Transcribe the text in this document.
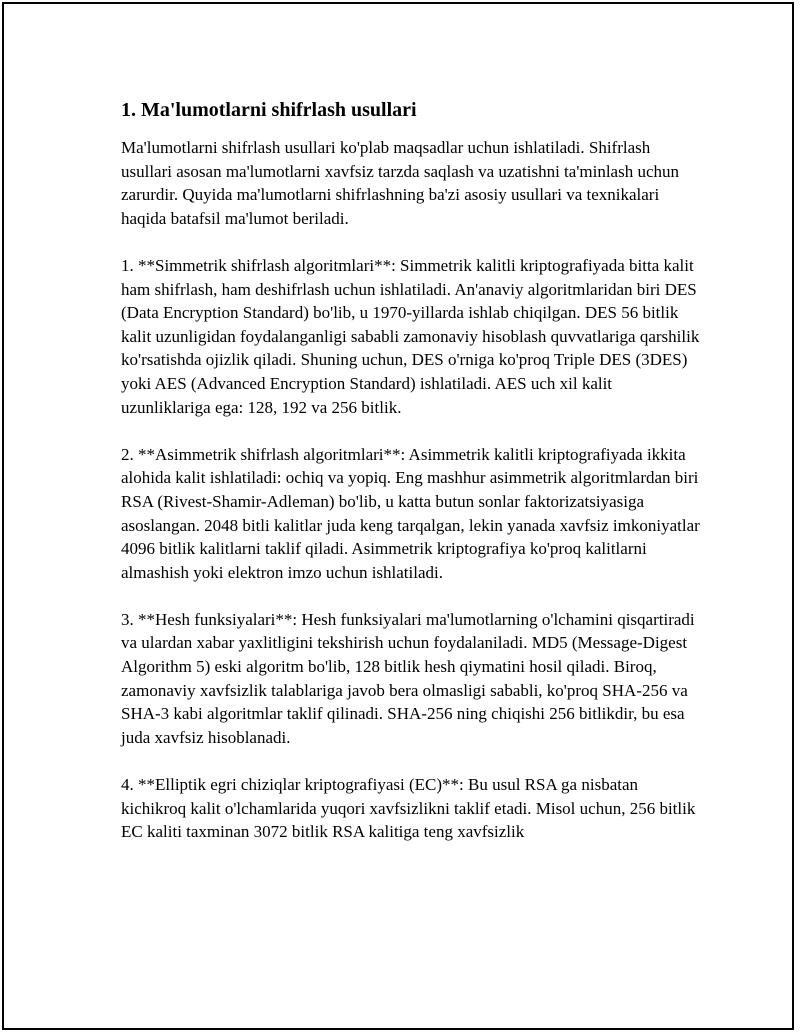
1. Ma'lumotlarni shifrlash usullari

Ma'lumotlarni shifrlash usullari ko'plab maqsadlar uchun ishlatiladi. Shifrlash usullari asosan ma'lumotlarni xavfsiz tarzda saqlash va uzatishni ta'minlash uchun zarurdir. Quyida ma'lumotlarni shifrlashning ba'zi asosiy usullari va texnikalari haqida batafsil ma'lumot beriladi.

1. **Simmetrik shifrlash algoritmlari**: Simmetrik kalitli kriptografiyada bitta kalit ham shifrlash, ham deshifrlash uchun ishlatiladi. An'anaviy algoritmlaridan biri DES (Data Encryption Standard) bo'lib, u 1970-yillarda ishlab chiqilgan. DES 56 bitlik kalit uzunligidan foydalanganligi sababli zamonaviy hisoblash quvvatlariga qarshilik ko'rsatishda ojizlik qiladi. Shuning uchun, DES o'rniga ko'proq Triple DES (3DES) yoki AES (Advanced Encryption Standard) ishlatiladi. AES uch xil kalit uzunliklariga ega: 128, 192 va 256 bitlik.

2. **Asimmetrik shifrlash algoritmlari**: Asimmetrik kalitli kriptografiyada ikkita alohida kalit ishlatiladi: ochiq va yopiq. Eng mashhur asimmetrik algoritmlardan biri RSA (Rivest-Shamir-Adleman) bo'lib, u katta butun sonlar faktorizatsiyasiga asoslangan. 2048 bitli kalitlar juda keng tarqalgan, lekin yanada xavfsiz imkoniyatlar 4096 bitlik kalitlarni taklif qiladi. Asimmetrik kriptografiya ko'proq kalitlarni almashish yoki elektron imzo uchun ishlatiladi.

3. **Hesh funksiyalari**: Hesh funksiyalari ma'lumotlarning o'lchamini qisqartiradi va ulardan xabar yaxlitligini tekshirish uchun foydalaniladi. MD5 (Message-Digest Algorithm 5) eski algoritm bo'lib, 128 bitlik hesh qiymatini hosil qiladi. Biroq, zamonaviy xavfsizlik talablariga javob bera olmasligi sababli, ko'proq SHA-256 va SHA-3 kabi algoritmlar taklif qilinadi. SHA-256 ning chiqishi 256 bitlikdir, bu esa juda xavfsiz hisoblanadi.

4. **Elliptik egri chiziqlar kriptografiyasi (EC)**: Bu usul RSA ga nisbatan kichikroq kalit o'lchamlarida yuqori xavfsizlikni taklif etadi. Misol uchun, 256 bitlik EC kaliti taxminan 3072 bitlik RSA kalitiga teng xavfsizlik
